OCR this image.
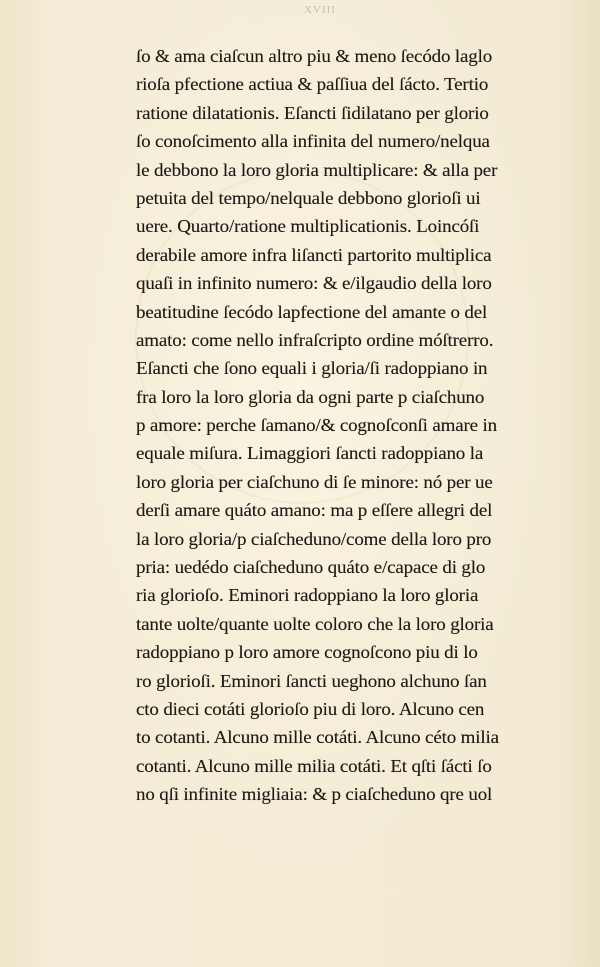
XVIII
ſo & ama ciaſcun altro piu & meno ſecódo laglo
rioſa pfectione actiua & paſſiua del ſácto. Tertio
ratione dilatationis. Eſancti ſidilatano per glorio
ſo conoſcimento alla infinita del numero/nelqua
le debbono la loro gloria multiplicare: & alla per
petuita del tempo/nelquale debbono glorioſi ui
uere. Quarto/ratione multiplicationis. Loincóſi
derabile amore infra liſancti partorito multiplica
quaſi in infinito numero: & e/ilgaudio della loro
beatitudine ſecódo lapfectione del amante o del
amato: come nello infraſcripto ordine móſtrerro.
Eſancti che ſono equali i gloria/ſi radoppiano in
fra loro la loro gloria da ogni parte p ciaſchuno
p amore: perche ſamano/& cognoſconſi amare in
equale miſura. Limaggiori ſancti radoppiano la
loro gloria per ciaſchuno di ſe minore: nó per ue
derſi amare quáto amano: ma p eſſere allegri del
la loro gloria/p ciaſcheduno/come della loro pro
pria: uedédo ciaſcheduno quáto e/capace di glo
ria glorioſo. Eminori radoppiano la loro gloria
tante uolte/quante uolte coloro che la loro gloria
radoppiano p loro amore cognoſcono piu di lo
ro glorioſi. Eminori ſancti ueghono alchuno ſan
cto dieci cotáti glorioſo piu di loro. Alcuno cen
to cotanti. Alcuno mille cotáti. Alcuno céto milia
cotanti. Alcuno mille milia cotáti. Et qſti ſácti ſo
no qſi infinite migliaia: & p ciaſcheduno qre uol
